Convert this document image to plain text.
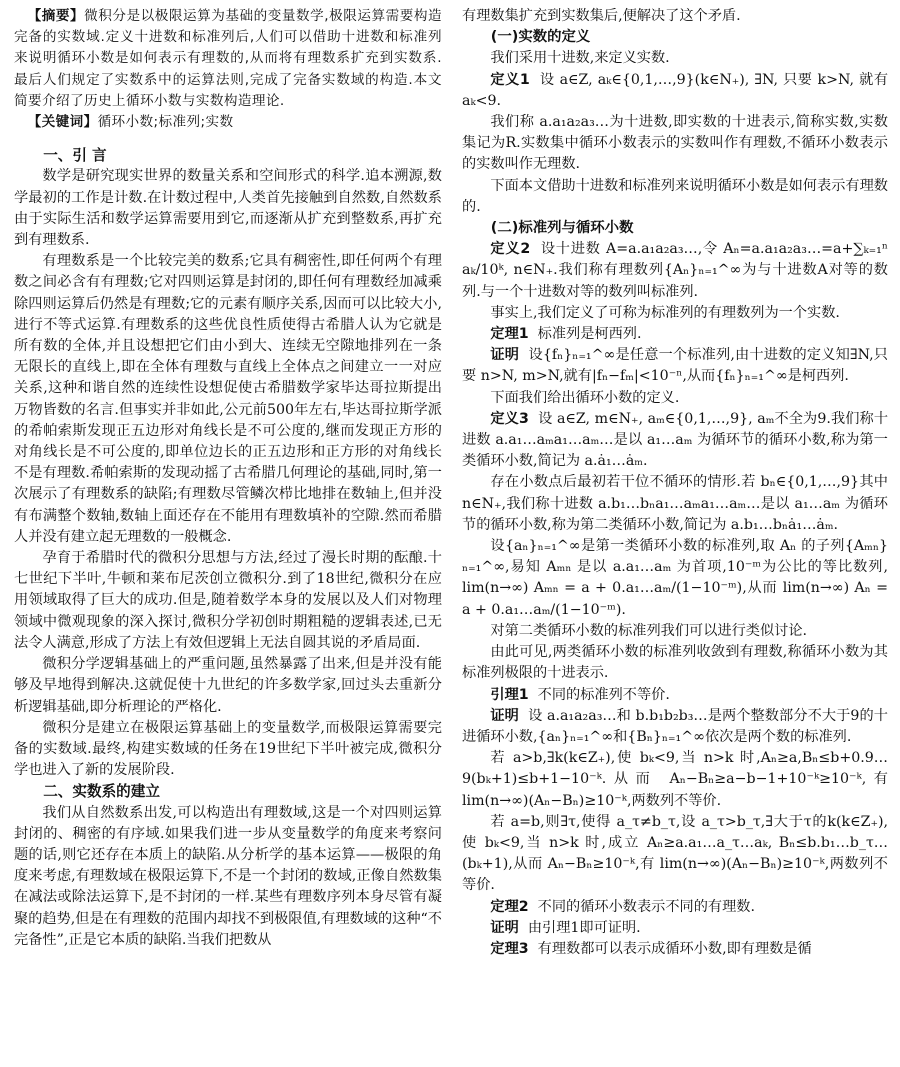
【摘要】微积分是以极限运算为基础的变量数学,极限运算需要构造完备的实数域.定义十进数和标准列后,人们可以借助十进数和标准列来说明循环小数是如何表示有理数的,从而将有理数系扩充到实数系.最后人们规定了实数系中的运算法则,完成了完备实数域的构造.本文简要介绍了历史上循环小数与实数构造理论.

【关键词】循环小数;标准列;实数

一、引 言

数学是研究现实世界的数量关系和空间形式的科学.追本溯源,数学最初的工作是计数.在计数过程中,人类首先接触到自然数,自然数系由于实际生活和数学运算需要用到它,而逐渐从扩充到整数系,再扩充到有理数系.

有理数系是一个比较完美的数系;它具有稠密性,即任何两个有理数之间必含有有理数;它对四则运算是封闭的,即任何有理数经加减乘除四则运算后仍然是有理数;它的元素有顺序关系,因而可以比较大小,进行不等式运算.有理数系的这些优良性质使得古希腊人认为它就是所有数的全体,并且设想把它们由小到大、连续无空隙地排列在一条无限长的直线上,即在全体有理数与直线上全体点之间建立一一对应关系,这种和谐自然的连续性设想促使古希腊数学家毕达哥拉斯提出万物皆数的名言.但事实并非如此,公元前500年左右,毕达哥拉斯学派的希帕索斯发现正五边形对角线长是不可公度的,继而发现正方形的对角线长是不可公度的,即单位边长的正五边形和正方形的对角线长不是有理数.希帕索斯的发现动摇了古希腊几何理论的基础,同时,第一次展示了有理数系的缺陷;有理数尽管鳞次栉比地排在数轴上,但并没有布满整个数轴,数轴上面还存在不能用有理数填补的空隙.然而希腊人并没有建立起无理数的一般概念.

孕育于希腊时代的微积分思想与方法,经过了漫长时期的酝酿.十七世纪下半叶,牛顿和莱布尼茨创立微积分.到了18世纪,微积分在应用领域取得了巨大的成功.但是,随着数学本身的发展以及人们对物理领域中微观现象的深入探讨,微积分学初创时期粗糙的逻辑表述,已无法令人满意,形成了方法上有效但逻辑上无法自圆其说的矛盾局面.

微积分学逻辑基础上的严重问题,虽然暴露了出来,但是并没有能够及早地得到解决.这就促使十九世纪的许多数学家,回过头去重新分析逻辑基础,即分析理论的严格化.

微积分是建立在极限运算基础上的变量数学,而极限运算需要完备的实数域.最终,构建实数域的任务在19世纪下半叶被完成,微积分学也进入了新的发展阶段.

二、实数系的建立

我们从自然数系出发,可以构造出有理数域,这是一个对四则运算封闭的、稠密的有序域.如果我们进一步从变量数学的角度来考察问题的话,则它还存在本质上的缺陷.从分析学的基本运算——极限的角度来考虑,有理数域在极限运算下,不是一个封闭的数域,正像自然数集在减法或除法运算下,是不封闭的一样.某些有理数序列本身尽管有凝聚的趋势,但是在有理数的范围内却找不到极限值,有理数域的这种“不完备性”,正是它本质的缺陷.当我们把数从

有理数集扩充到实数集后,便解决了这个矛盾.

(一)实数的定义

我们采用十进数,来定义实数.

定义1 设 a∈Z, aₖ∈{0,1,…,9}(k∈N₊), ∃N, 只要 k>N, 就有 aₖ<9.

我们称 a.a₁a₂a₃…为十进数,即实数的十进表示,简称实数,实数集记为R.实数集中循环小数表示的实数叫作有理数,不循环小数表示的实数叫作无理数.

下面本文借助十进数和标准列来说明循环小数是如何表示有理数的.

(二)标准列与循环小数

定义2 设十进数 A=a.a₁a₂a₃…,令 Aₙ=a.a₁a₂a₃…=a+∑ₖ₌₁ⁿ aₖ/10ᵏ, n∈N₊.我们称有理数列{Aₙ}ₙ₌₁^∞为与十进数A对等的数列.与一个十进数对等的数列叫标准列.

事实上,我们定义了可称为标准列的有理数列为一个实数.

定理1 标准列是柯西列.

证明 设{fₙ}ₙ₌₁^∞是任意一个标准列,由十进数的定义知∃N,只要 n>N, m>N,就有|fₙ−fₘ|<10⁻ⁿ,从而{fₙ}ₙ₌₁^∞是柯西列.

下面我们给出循环小数的定义.

定义3 设 a∈Z, m∈N₊, aₘ∈{0,1,…,9}, aₘ不全为9.我们称十进数 a.a₁…aₘa₁…aₘ…是以 a₁…aₘ 为循环节的循环小数,称为第一类循环小数,简记为 a.ȧ₁…ȧₘ.

存在小数点后最初若干位不循环的情形.若 bₙ∈{0,1,…,9}其中 n∈N₊,我们称十进数 a.b₁…bₙa₁…aₘa₁…aₘ…是以 a₁…aₘ 为循环节的循环小数,称为第二类循环小数,简记为 a.b₁…bₙȧ₁…ȧₘ.

设{aₙ}ₙ₌₁^∞是第一类循环小数的标准列,取 Aₙ 的子列{Aₘₙ}ₙ₌₁^∞,易知 Aₘₙ 是以 a.a₁…aₘ 为首项,10⁻ᵐ为公比的等比数列, lim(n→∞) Aₘₙ = a + 0.a₁…aₘ/(1−10⁻ᵐ),从而 lim(n→∞) Aₙ = a + 0.a₁…aₘ/(1−10⁻ᵐ).

对第二类循环小数的标准列我们可以进行类似讨论.

由此可见,两类循环小数的标准列收敛到有理数,称循环小数为其标准列极限的十进表示.

引理1 不同的标准列不等价.

证明 设 a.a₁a₂a₃…和 b.b₁b₂b₃…是两个整数部分不大于9的十进循环小数,{aₙ}ₙ₌₁^∞和{Bₙ}ₙ₌₁^∞依次是两个数的标准列.

若 a>b,∃k(k∈Z₊),使 bₖ<9,当 n>k 时,Aₙ≥a,Bₙ≤b+0.9…9(bₖ+1)≤b+1−10⁻ᵏ.从而 Aₙ−Bₙ≥a−b−1+10⁻ᵏ≥10⁻ᵏ,有 lim(n→∞)(Aₙ−Bₙ)≥10⁻ᵏ,两数列不等价.

若 a=b,则∃τ,使得 a_τ≠b_τ,设 a_τ>b_τ,∃大于τ的k(k∈Z₊),使 bₖ<9,当 n>k 时,成立 Aₙ≥a.a₁…a_τ…aₖ, Bₙ≤b.b₁…b_τ…(bₖ+1),从而 Aₙ−Bₙ≥10⁻ᵏ,有 lim(n→∞)(Aₙ−Bₙ)≥10⁻ᵏ,两数列不等价.

定理2 不同的循环小数表示不同的有理数.

证明 由引理1即可证明.

定理3 有理数都可以表示成循环小数,即有理数是循
